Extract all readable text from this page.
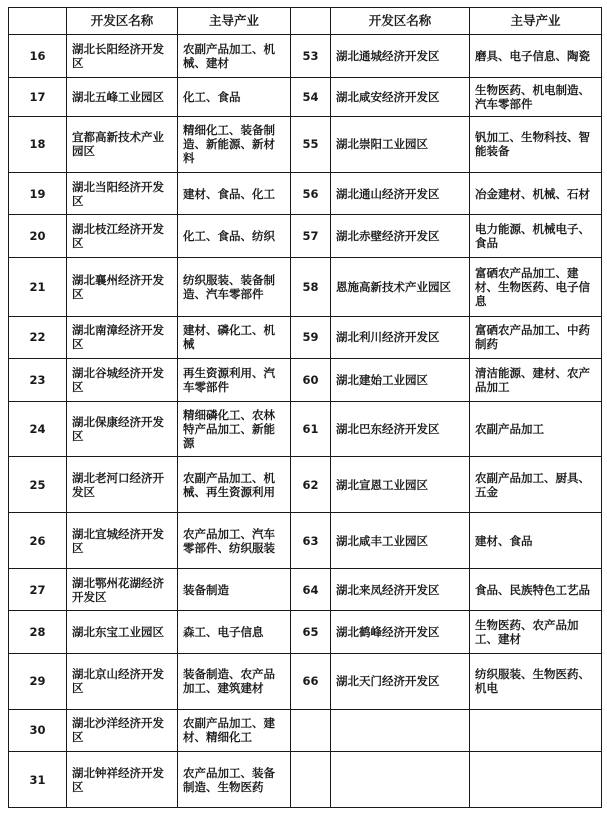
	开发区名称	主导产业		开发区名称	主导产业
16	湖北长阳经济开发区	农副产品加工、机械、建材	53	湖北通城经济开发区	磨具、电子信息、陶瓷
17	湖北五峰工业园区	化工、食品	54	湖北咸安经济开发区	生物医药、机电制造、汽车零部件
18	宜都高新技术产业园区	精细化工、装备制造、新能源、新材料	55	湖北崇阳工业园区	钒加工、生物科技、智能装备
19	湖北当阳经济开发区	建材、食品、化工	56	湖北通山经济开发区	冶金建材、机械、石材
20	湖北枝江经济开发区	化工、食品、纺织	57	湖北赤壁经济开发区	电力能源、机械电子、食品
21	湖北襄州经济开发区	纺织服装、装备制造、汽车零部件	58	恩施高新技术产业园区	富硒农产品加工、建材、生物医药、电子信息
22	湖北南漳经济开发区	建材、磷化工、机械	59	湖北利川经济开发区	富硒农产品加工、中药制药
23	湖北谷城经济开发区	再生资源利用、汽车零部件	60	湖北建始工业园区	清洁能源、建材、农产品加工
24	湖北保康经济开发区	精细磷化工、农林特产品加工、新能源	61	湖北巴东经济开发区	农副产品加工
25	湖北老河口经济开发区	农副产品加工、机械、再生资源利用	62	湖北宣恩工业园区	农副产品加工、厨具、五金
26	湖北宜城经济开发区	农产品加工、汽车零部件、纺织服装	63	湖北咸丰工业园区	建材、食品
27	湖北鄂州花湖经济开发区	装备制造	64	湖北来凤经济开发区	食品、民族特色工艺品
28	湖北东宝工业园区	森工、电子信息	65	湖北鹤峰经济开发区	生物医药、农产品加工、建材
29	湖北京山经济开发区	装备制造、农产品加工、建筑建材	66	湖北天门经济开发区	纺织服装、生物医药、机电
30	湖北沙洋经济开发区	农副产品加工、建材、精细化工			
31	湖北钟祥经济开发区	农产品加工、装备制造、生物医药			
